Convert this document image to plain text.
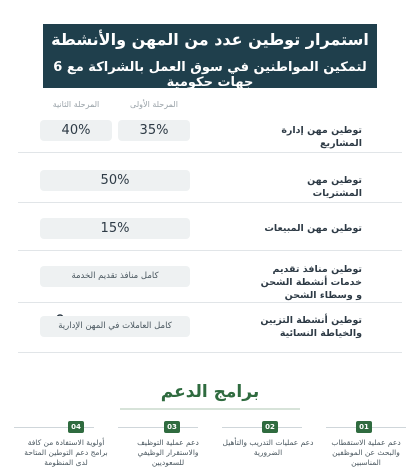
استمرار توطين عدد من المهن والأنشطة
لتمكين المواطنين في سوق العمل بالشراكة مع 6 جهات حكومية
المرحلة الأولى
المرحلة الثانية
توطين مهن إدارة المشاريع
35%
40%
توطين مهن المشتريات
50%
توطين مهن المبيعات
15%
توطين منافذ تقديم خدمات أنشطة الشحن و وسطاء الشحن
كامل منافذ تقديم الخدمة
توطين أنشطة التزيين والخياطة النسائية
كامل العاملات في المهن الإدارية
برامج الدعم
01
دعم عملية الاستقطاب والبحث عن الموظفين المناسبين
02
دعم عمليات التدريب والتأهيل الضرورية
03
دعم عملية التوظيف والاستقرار الوظيفي للسعوديين
04
أولوية الاستفادة من كافة برامج دعم التوطين المتاحة لدى المنظومة
